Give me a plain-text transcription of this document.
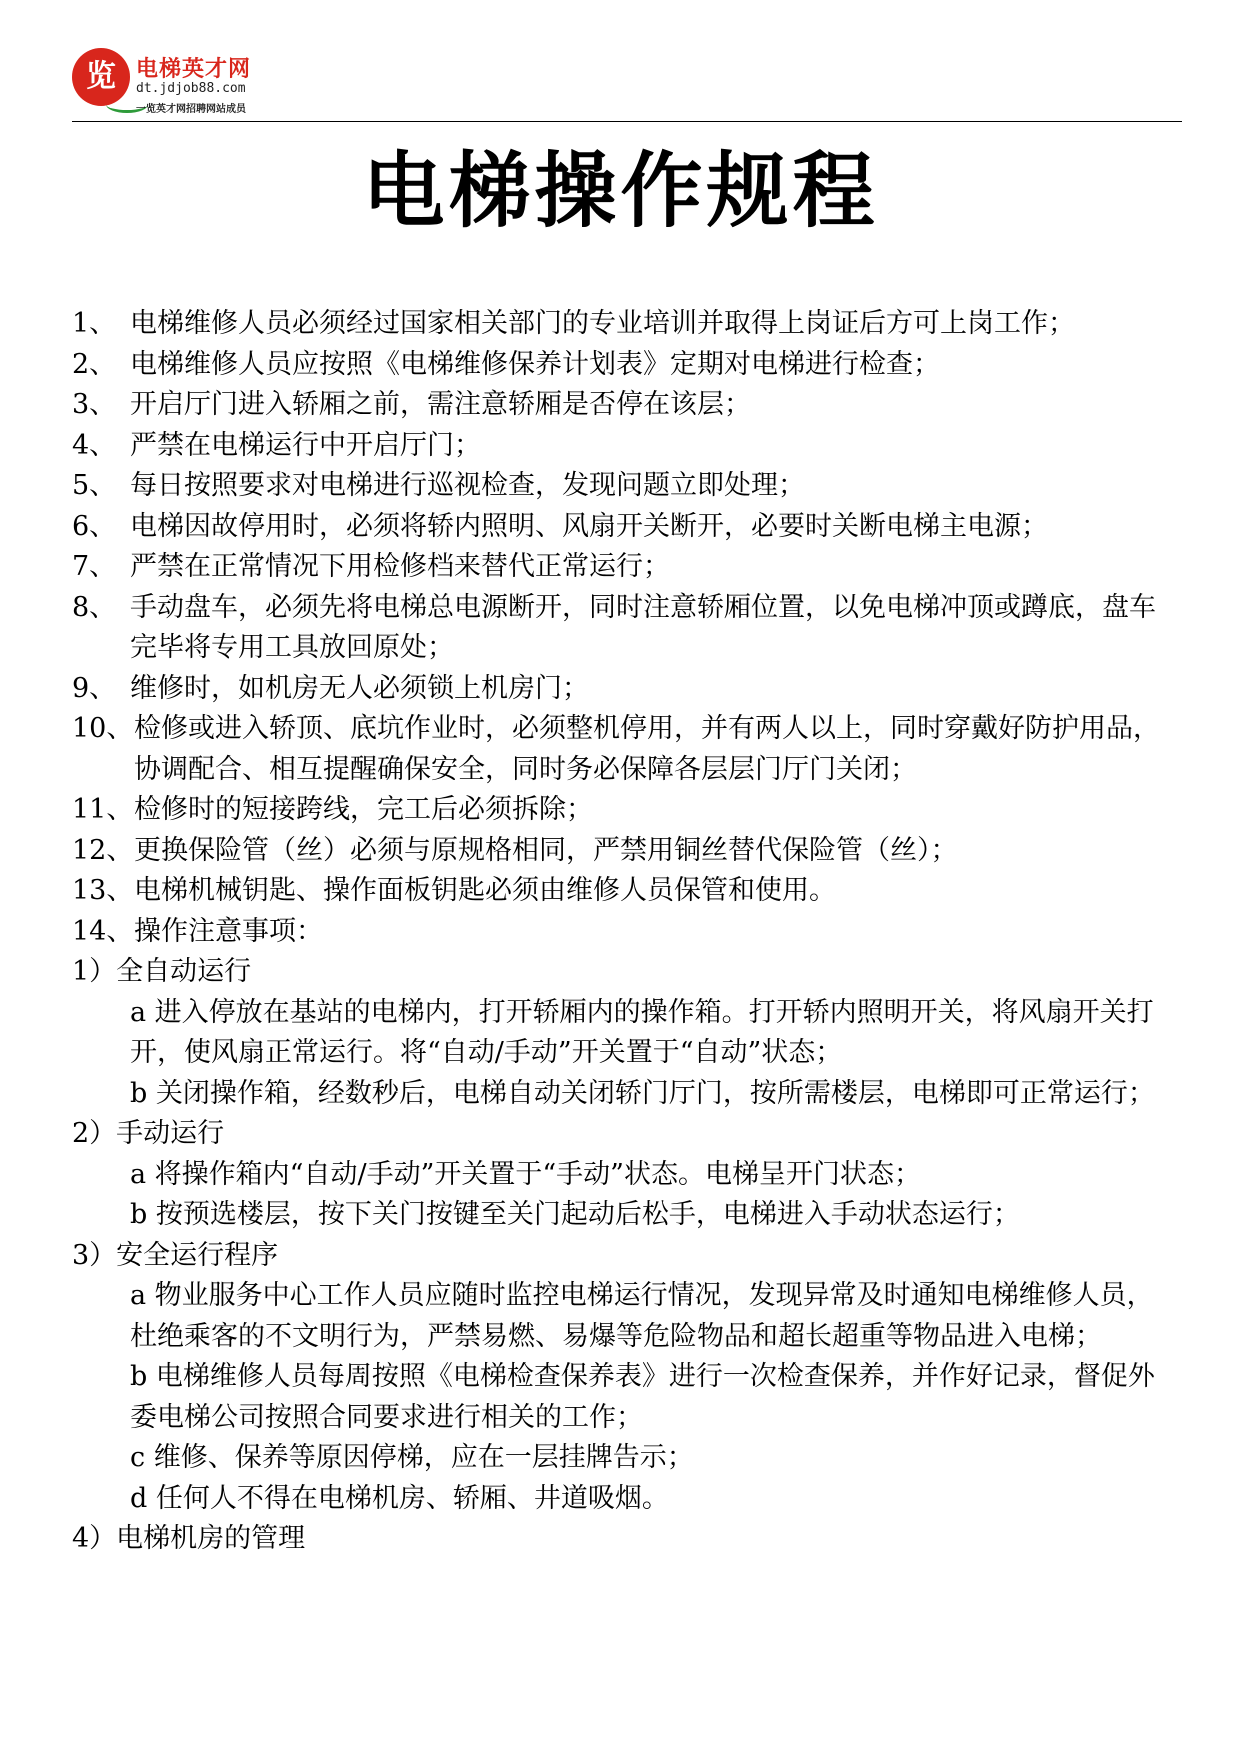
览 电梯英才网
dt.jdjob88.com
一览英才网招聘网站成员
电梯操作规程
1、 电梯维修人员必须经过国家相关部门的专业培训并取得上岗证后方可上岗工作；
2、 电梯维修人员应按照《电梯维修保养计划表》定期对电梯进行检查；
3、 开启厅门进入轿厢之前，需注意轿厢是否停在该层；
4、 严禁在电梯运行中开启厅门；
5、 每日按照要求对电梯进行巡视检查，发现问题立即处理；
6、 电梯因故停用时，必须将轿内照明、风扇开关断开，必要时关断电梯主电源；
7、 严禁在正常情况下用检修档来替代正常运行；
8、 手动盘车，必须先将电梯总电源断开，同时注意轿厢位置，以免电梯冲顶或蹲底，盘车完毕将专用工具放回原处；
9、 维修时，如机房无人必须锁上机房门；
10、 检修或进入轿顶、底坑作业时，必须整机停用，并有两人以上，同时穿戴好防护用品，协调配合、相互提醒确保安全，同时务必保障各层层门厅门关闭；
11、 检修时的短接跨线，完工后必须拆除；
12、 更换保险管（丝）必须与原规格相同，严禁用铜丝替代保险管（丝）；
13、 电梯机械钥匙、操作面板钥匙必须由维修人员保管和使用。
14、 操作注意事项：
1）全自动运行
a 进入停放在基站的电梯内，打开轿厢内的操作箱。打开轿内照明开关，将风扇开关打开，使风扇正常运行。将“自动/手动”开关置于“自动”状态；
b 关闭操作箱，经数秒后，电梯自动关闭轿门厅门，按所需楼层，电梯即可正常运行；
2）手动运行
a 将操作箱内“自动/手动”开关置于“手动”状态。电梯呈开门状态；
b 按预选楼层，按下关门按键至关门起动后松手，电梯进入手动状态运行；
3）安全运行程序
a 物业服务中心工作人员应随时监控电梯运行情况，发现异常及时通知电梯维修人员，杜绝乘客的不文明行为，严禁易燃、易爆等危险物品和超长超重等物品进入电梯；
b 电梯维修人员每周按照《电梯检查保养表》进行一次检查保养，并作好记录，督促外委电梯公司按照合同要求进行相关的工作；
c 维修、保养等原因停梯，应在一层挂牌告示；
d 任何人不得在电梯机房、轿厢、井道吸烟。
4）电梯机房的管理
